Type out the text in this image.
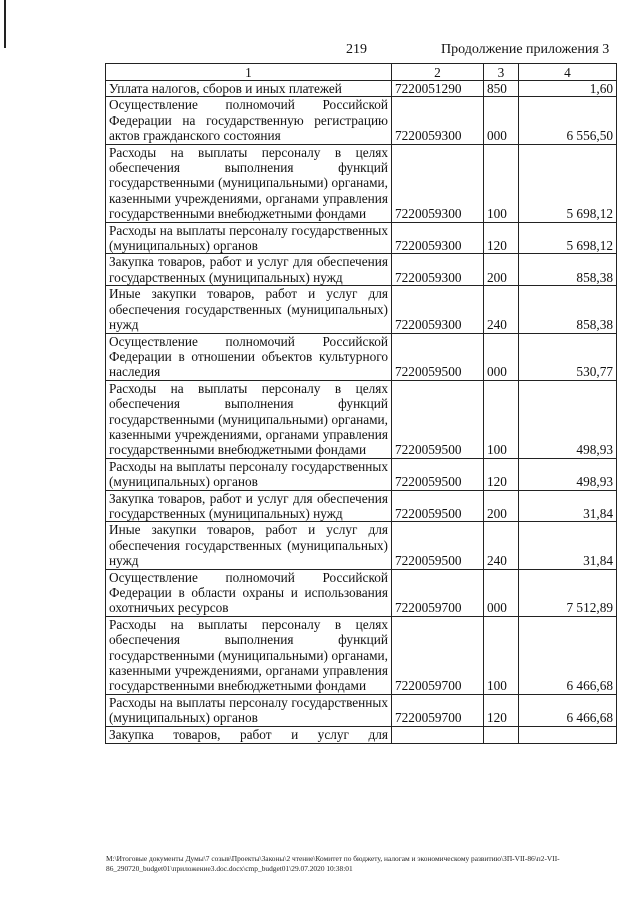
219	Продолжение приложения 3
1	2	3	4
Уплата налогов, сборов и иных платежей	7220051290	850	1,60
Осуществление полномочий Российской Федерации на государственную регистрацию актов гражданского состояния	7220059300	000	6 556,50
Расходы на выплаты персоналу в целях обеспечения выполнения функций государственными (муниципальными) органами, казенными учреждениями, органами управления государственными внебюджетными фондами	7220059300	100	5 698,12
Расходы на выплаты персоналу государственных (муниципальных) органов	7220059300	120	5 698,12
Закупка товаров, работ и услуг для обеспечения государственных (муниципальных) нужд	7220059300	200	858,38
Иные закупки товаров, работ и услуг для обеспечения государственных (муниципальных) нужд	7220059300	240	858,38
Осуществление полномочий Российской Федерации в отношении объектов культурного наследия	7220059500	000	530,77
Расходы на выплаты персоналу в целях обеспечения выполнения функций государственными (муниципальными) органами, казенными учреждениями, органами управления государственными внебюджетными фондами	7220059500	100	498,93
Расходы на выплаты персоналу государственных (муниципальных) органов	7220059500	120	498,93
Закупка товаров, работ и услуг для обеспечения государственных (муниципальных) нужд	7220059500	200	31,84
Иные закупки товаров, работ и услуг для обеспечения государственных (муниципальных) нужд	7220059500	240	31,84
Осуществление полномочий Российской Федерации в области охраны и использования охотничьих ресурсов	7220059700	000	7 512,89
Расходы на выплаты персоналу в целях обеспечения выполнения функций государственными (муниципальными) органами, казенными учреждениями, органами управления государственными внебюджетными фондами	7220059700	100	6 466,68
Расходы на выплаты персоналу государственных (муниципальных) органов	7220059700	120	6 466,68
Закупка товаров, работ и услуг для			
М:\Итоговые документы Думы\7 созыв\Проекты\Законы\2 чтение\Комитет по бюджету, налогам и экономическому развитию\ЗП-VII-86\п2-VII-86_290720_budget01\приложение3.doc.docx\cmp_budget01\29.07.2020 10:38:01
